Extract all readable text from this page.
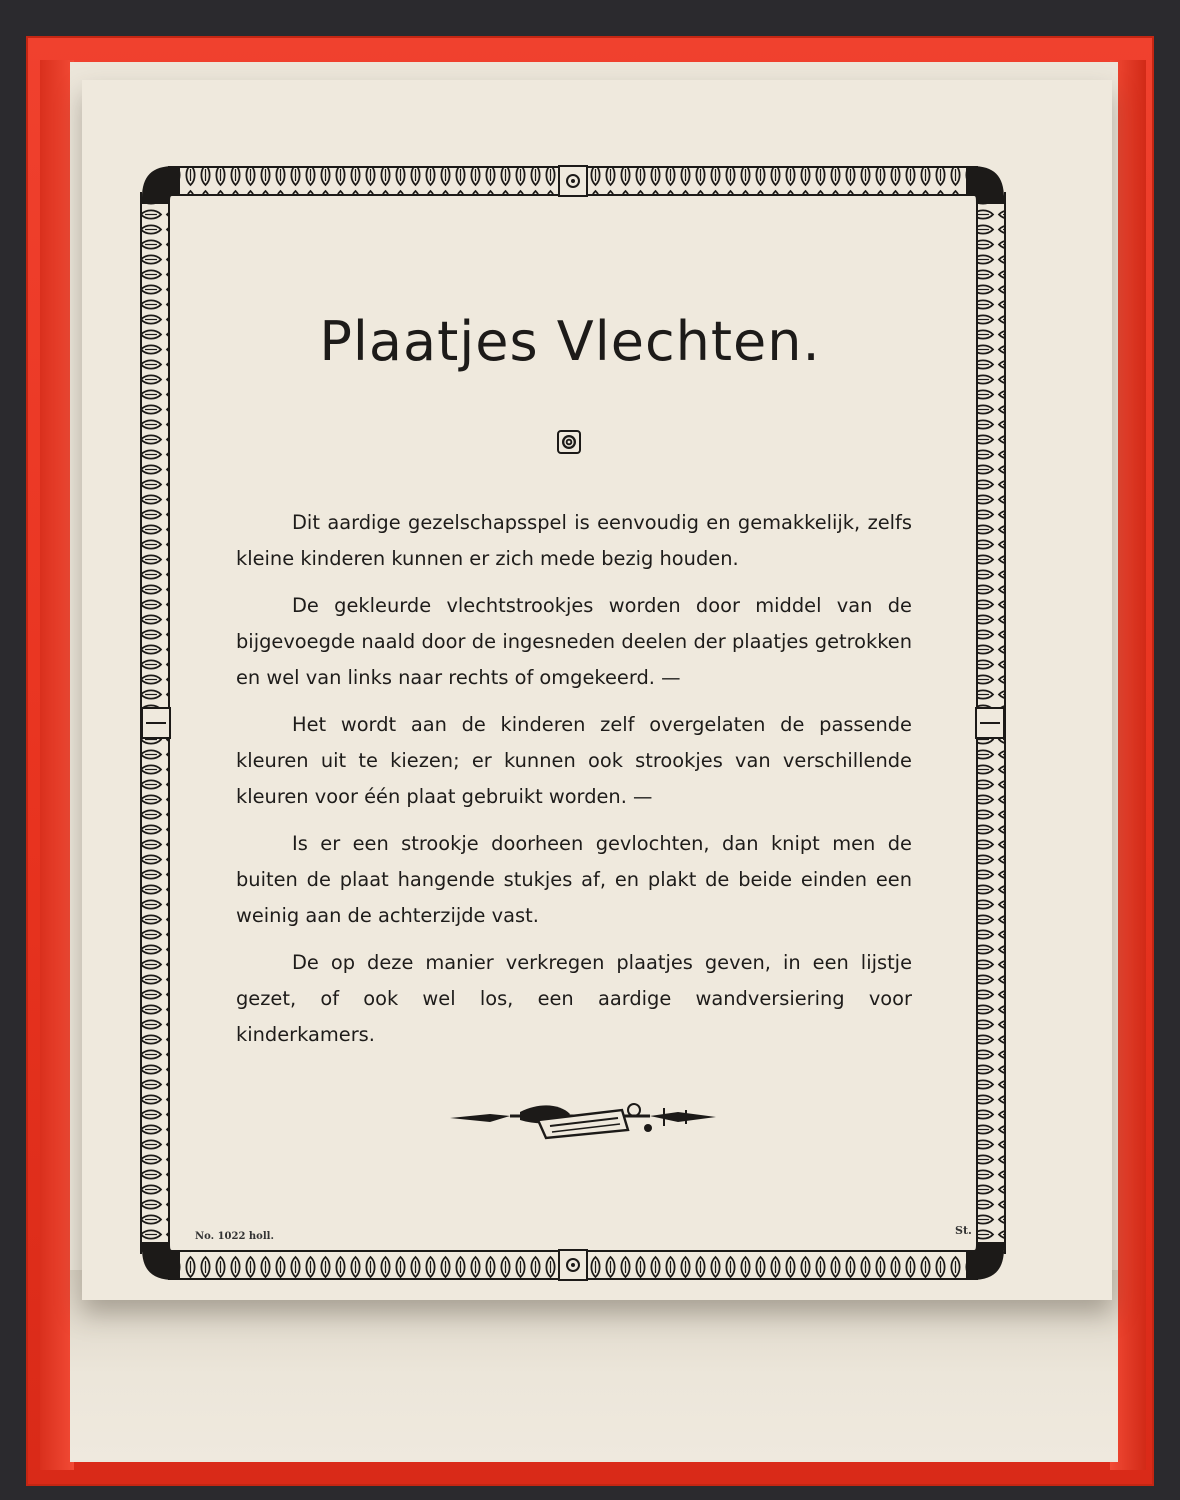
Plaatjes Vlechten.

Dit aardige gezelschapsspel is eenvoudig en gemakkelijk, zelfs kleine kinderen kunnen er zich mede bezig houden.

De gekleurde vlechtstrookjes worden door middel van de bijgevoegde naald door de ingesneden deelen der plaatjes getrokken en wel van links naar rechts of omgekeerd. —

Het wordt aan de kinderen zelf overgelaten de passende kleuren uit te kiezen; er kunnen ook strookjes van verschillende kleuren voor één plaat gebruikt worden. —

Is er een strookje doorheen gevlochten, dan knipt men de buiten de plaat hangende stukjes af, en plakt de beide einden een weinig aan de achterzijde vast.

De op deze manier verkregen plaatjes geven, in een lijstje gezet, of ook wel los, een aardige wandversiering voor kinderkamers.

No. 1022 holl.	St.
